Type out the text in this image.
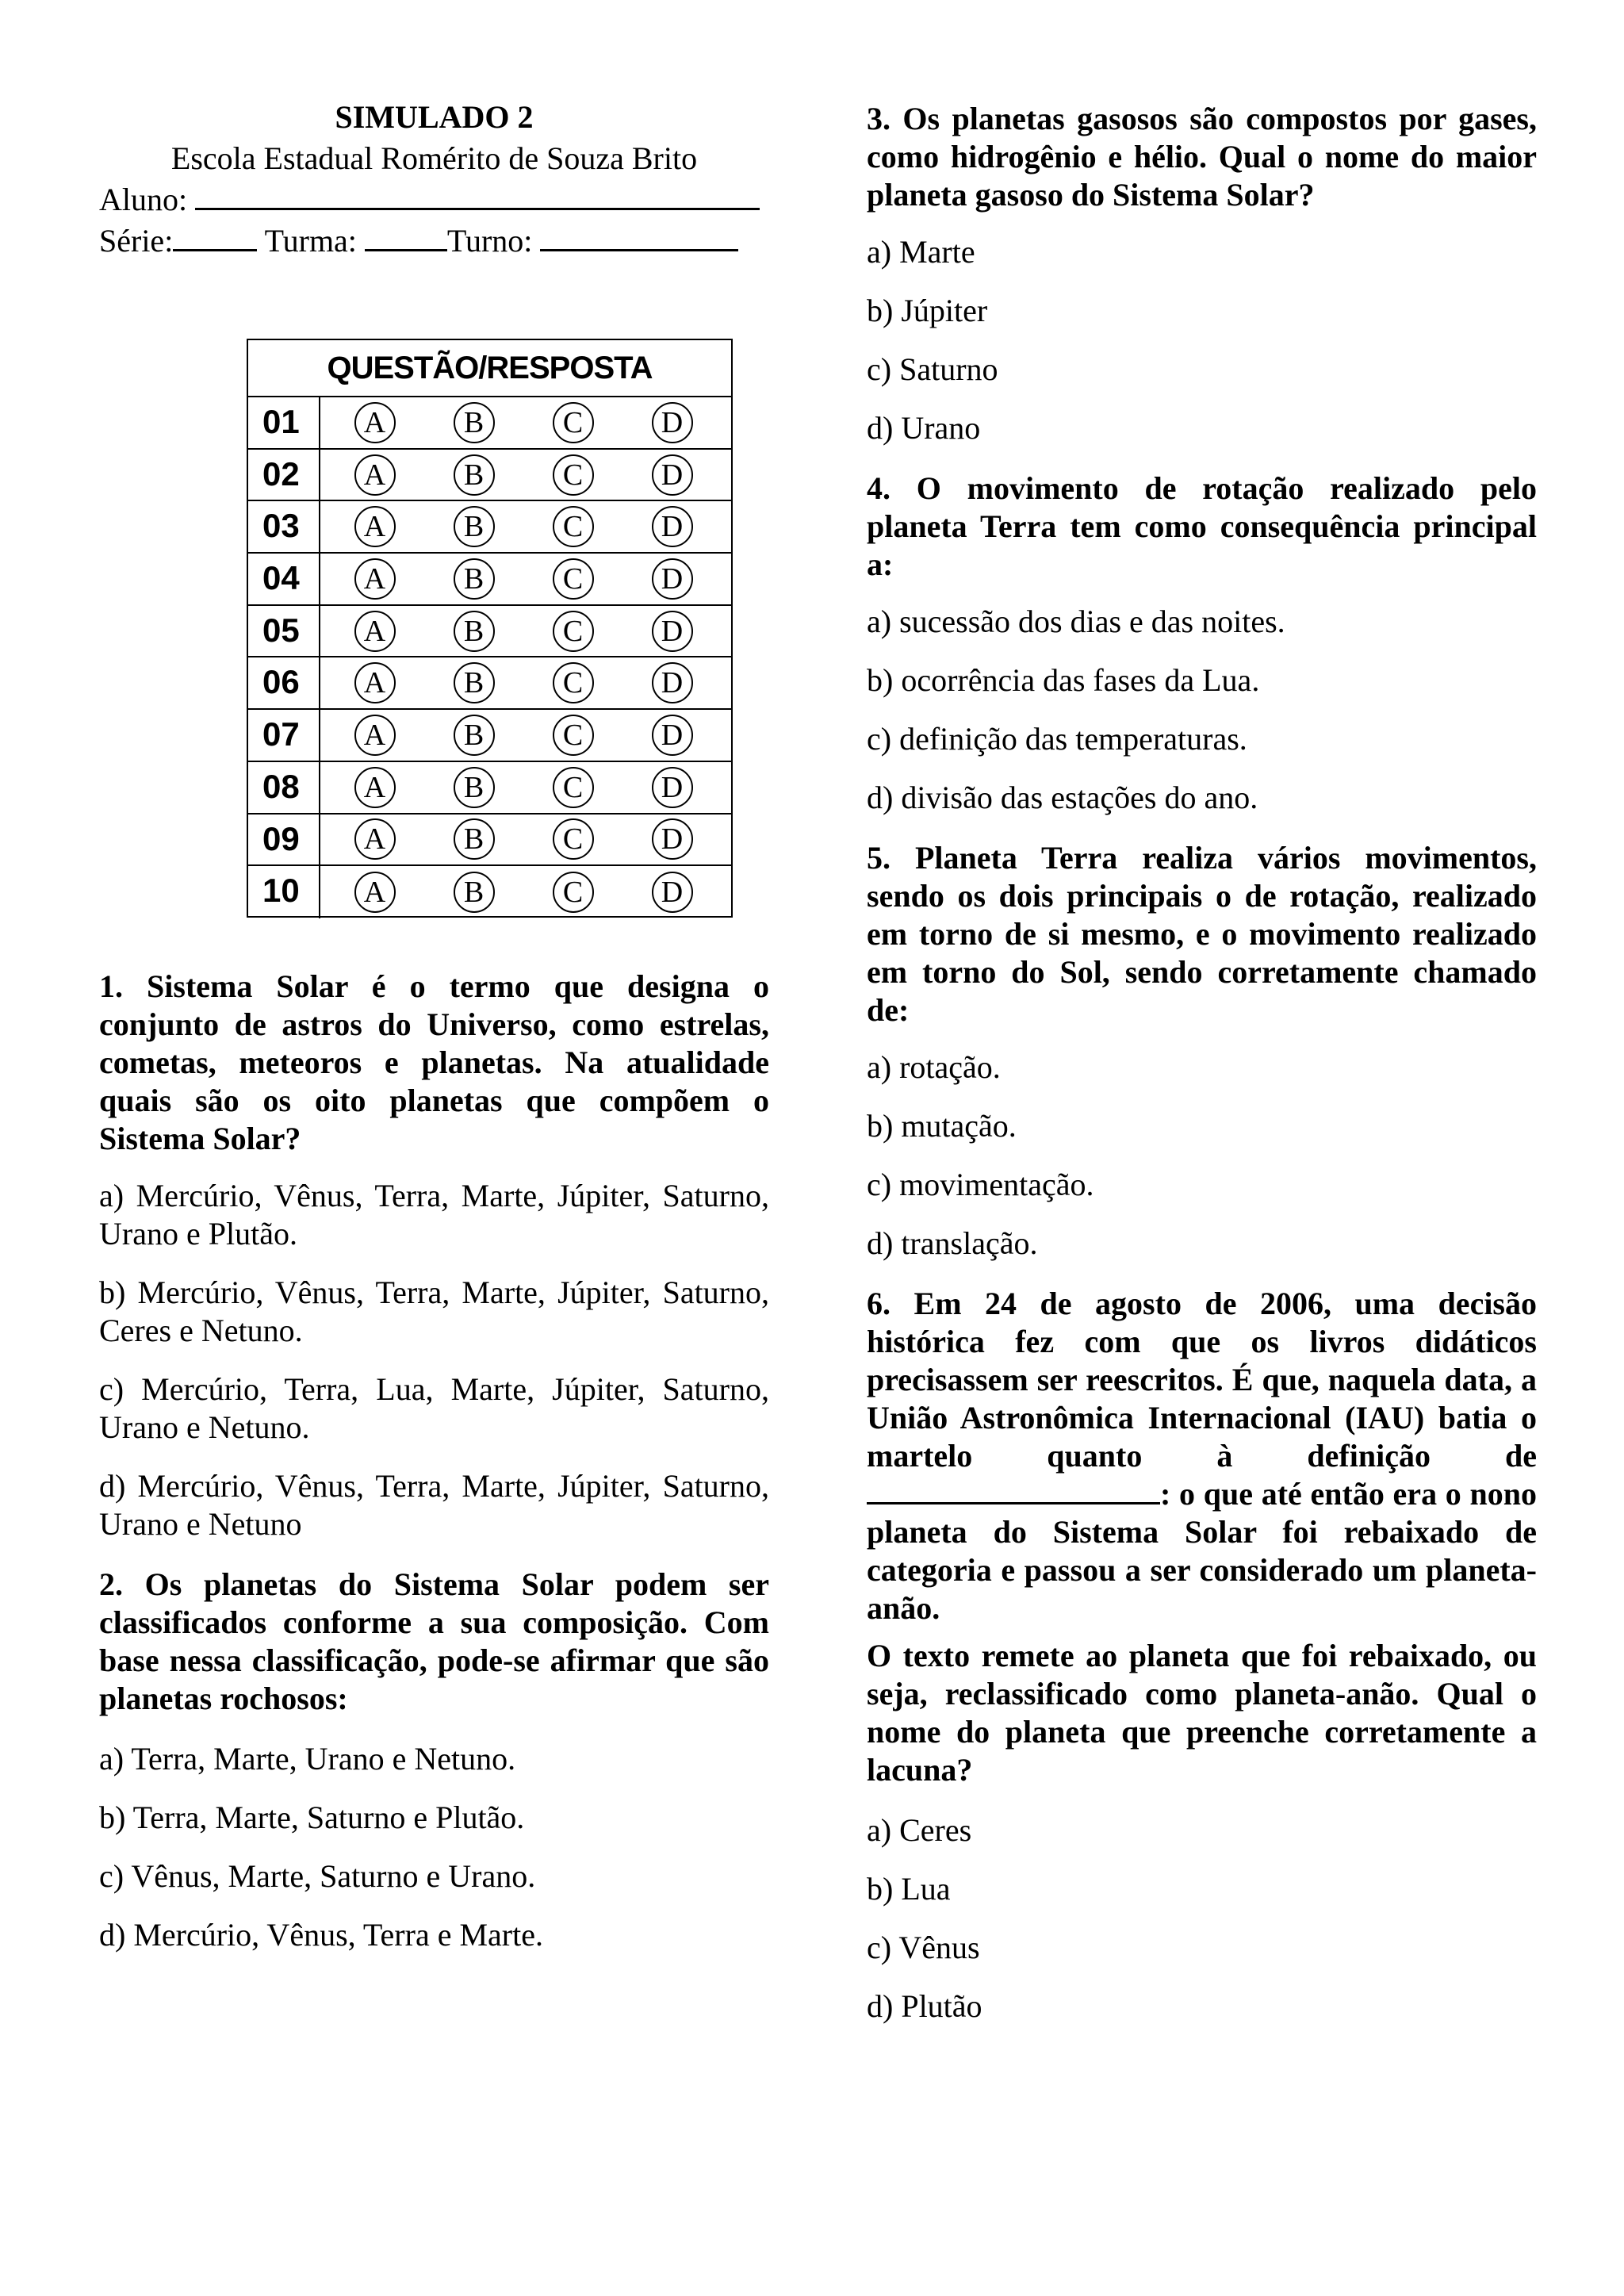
SIMULADO 2
Escola Estadual Romérito de Souza Brito
Aluno:
Série:	Turma:	Turno:
QUESTÃO/RESPOSTA
01	A	B	C	D
02	A	B	C	D
03	A	B	C	D
04	A	B	C	D
05	A	B	C	D
06	A	B	C	D
07	A	B	C	D
08	A	B	C	D
09	A	B	C	D
10	A	B	C	D
1. Sistema Solar é o termo que designa o conjunto de astros do Universo, como estrelas, cometas, meteoros e planetas. Na atualidade quais são os oito planetas que compõem o Sistema Solar?
a) Mercúrio, Vênus, Terra, Marte, Júpiter, Saturno, Urano e Plutão.
b) Mercúrio, Vênus, Terra, Marte, Júpiter, Saturno, Ceres e Netuno.
c) Mercúrio, Terra, Lua, Marte, Júpiter, Saturno, Urano e Netuno.
d) Mercúrio, Vênus, Terra, Marte, Júpiter, Saturno, Urano e Netuno
2. Os planetas do Sistema Solar podem ser classificados conforme a sua composição. Com base nessa classificação, pode-se afirmar que são planetas rochosos:
a) Terra, Marte, Urano e Netuno.
b) Terra, Marte, Saturno e Plutão.
c) Vênus, Marte, Saturno e Urano.
d) Mercúrio, Vênus, Terra e Marte.
3. Os planetas gasosos são compostos por gases, como hidrogênio e hélio. Qual o nome do maior planeta gasoso do Sistema Solar?
a) Marte
b) Júpiter
c) Saturno
d) Urano
4. O movimento de rotação realizado pelo planeta Terra tem como consequência principal a:
a) sucessão dos dias e das noites.
b) ocorrência das fases da Lua.
c) definição das temperaturas.
d) divisão das estações do ano.
5. Planeta Terra realiza vários movimentos, sendo os dois principais o de rotação, realizado em torno de si mesmo, e o movimento realizado em torno do Sol, sendo corretamente chamado de:
a) rotação.
b) mutação.
c) movimentação.
d) translação.
6. Em 24 de agosto de 2006, uma decisão histórica fez com que os livros didáticos precisassem ser reescritos. É que, naquela data, a União Astronômica Internacional (IAU) batia o martelo quanto à definição de : o que até então era o nono planeta do Sistema Solar foi rebaixado de categoria e passou a ser considerado um planeta-anão.
O texto remete ao planeta que foi rebaixado, ou seja, reclassificado como planeta-anão. Qual o nome do planeta que preenche corretamente a lacuna?
a) Ceres
b) Lua
c) Vênus
d) Plutão
